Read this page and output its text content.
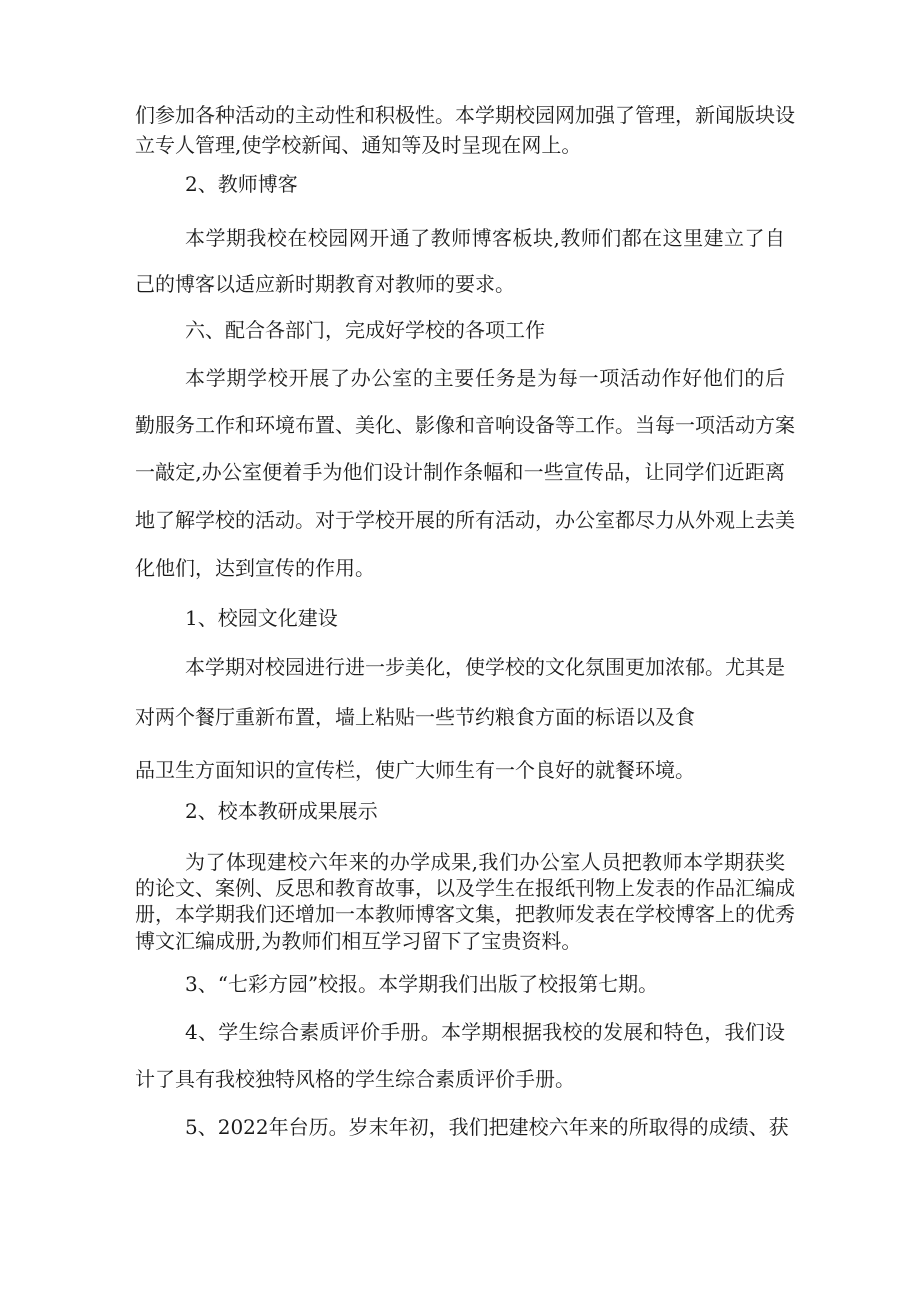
们参加各种活动的主动性和积极性。本学期校园网加强了管理，新闻版块设
立专人管理,使学校新闻、通知等及时呈现在网上。
2、教师博客
本学期我校在校园网开通了教师博客板块,教师们都在这里建立了自
己的博客以适应新时期教育对教师的要求。
六、配合各部门，完成好学校的各项工作
本学期学校开展了办公室的主要任务是为每一项活动作好他们的后
勤服务工作和环境布置、美化、影像和音响设备等工作。当每一项活动方案
一敲定,办公室便着手为他们设计制作条幅和一些宣传品，让同学们近距离
地了解学校的活动。对于学校开展的所有活动，办公室都尽力从外观上去美
化他们，达到宣传的作用。
1、校园文化建设
本学期对校园进行进一步美化，使学校的文化氛围更加浓郁。尤其是
对两个餐厅重新布置，墙上粘贴一些节约粮食方面的标语以及食
品卫生方面知识的宣传栏，使广大师生有一个良好的就餐环境。
2、校本教研成果展示
为了体现建校六年来的办学成果,我们办公室人员把教师本学期获奖
的论文、案例、反思和教育故事，以及学生在报纸刊物上发表的作品汇编成
册，本学期我们还增加一本教师博客文集，把教师发表在学校博客上的优秀
博文汇编成册,为教师们相互学习留下了宝贵资料。
3、“七彩方园”校报。本学期我们出版了校报第七期。
4、学生综合素质评价手册。本学期根据我校的发展和特色，我们设
计了具有我校独特风格的学生综合素质评价手册。
5、2022年台历。岁末年初，我们把建校六年来的所取得的成绩、获
